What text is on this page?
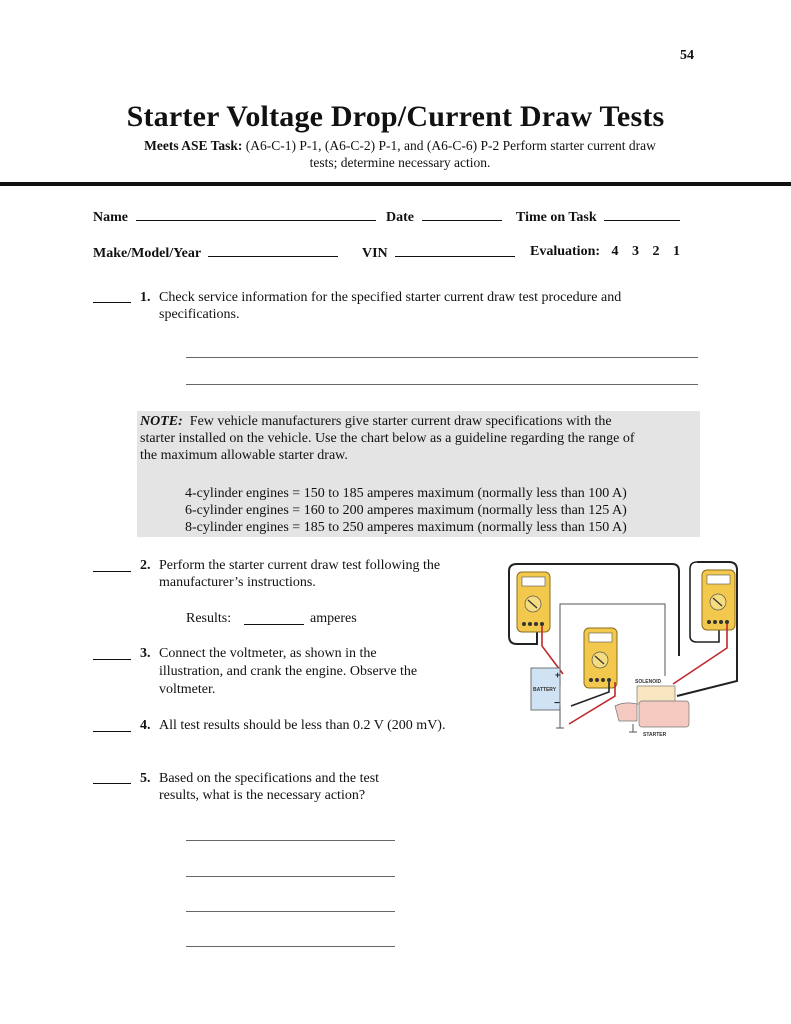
54
Starter Voltage Drop/Current Draw Tests
Meets ASE Task: (A6-C-1) P-1, (A6-C-2) P-1, and (A6-C-6) P-2 Perform starter current draw
tests; determine necessary action.
Name	Date	Time on Task
Make/Model/Year	VIN	Evaluation: 4 3 2 1
1. Check service information for the specified starter current draw test procedure and
specifications.
NOTE: Few vehicle manufacturers give starter current draw specifications with the
starter installed on the vehicle. Use the chart below as a guideline regarding the range of
the maximum allowable starter draw.
4-cylinder engines = 150 to 185 amperes maximum (normally less than 100 A)
6-cylinder engines = 160 to 200 amperes maximum (normally less than 125 A)
8-cylinder engines = 185 to 250 amperes maximum (normally less than 150 A)
2. Perform the starter current draw test following the
manufacturer’s instructions.
Results:	amperes
3. Connect the voltmeter, as shown in the
illustration, and crank the engine. Observe the
voltmeter.
4. All test results should be less than 0.2 V (200 mV).
5. Based on the specifications and the test
results, what is the necessary action?
+
−
BATTERY
SOLENOID
STARTER
